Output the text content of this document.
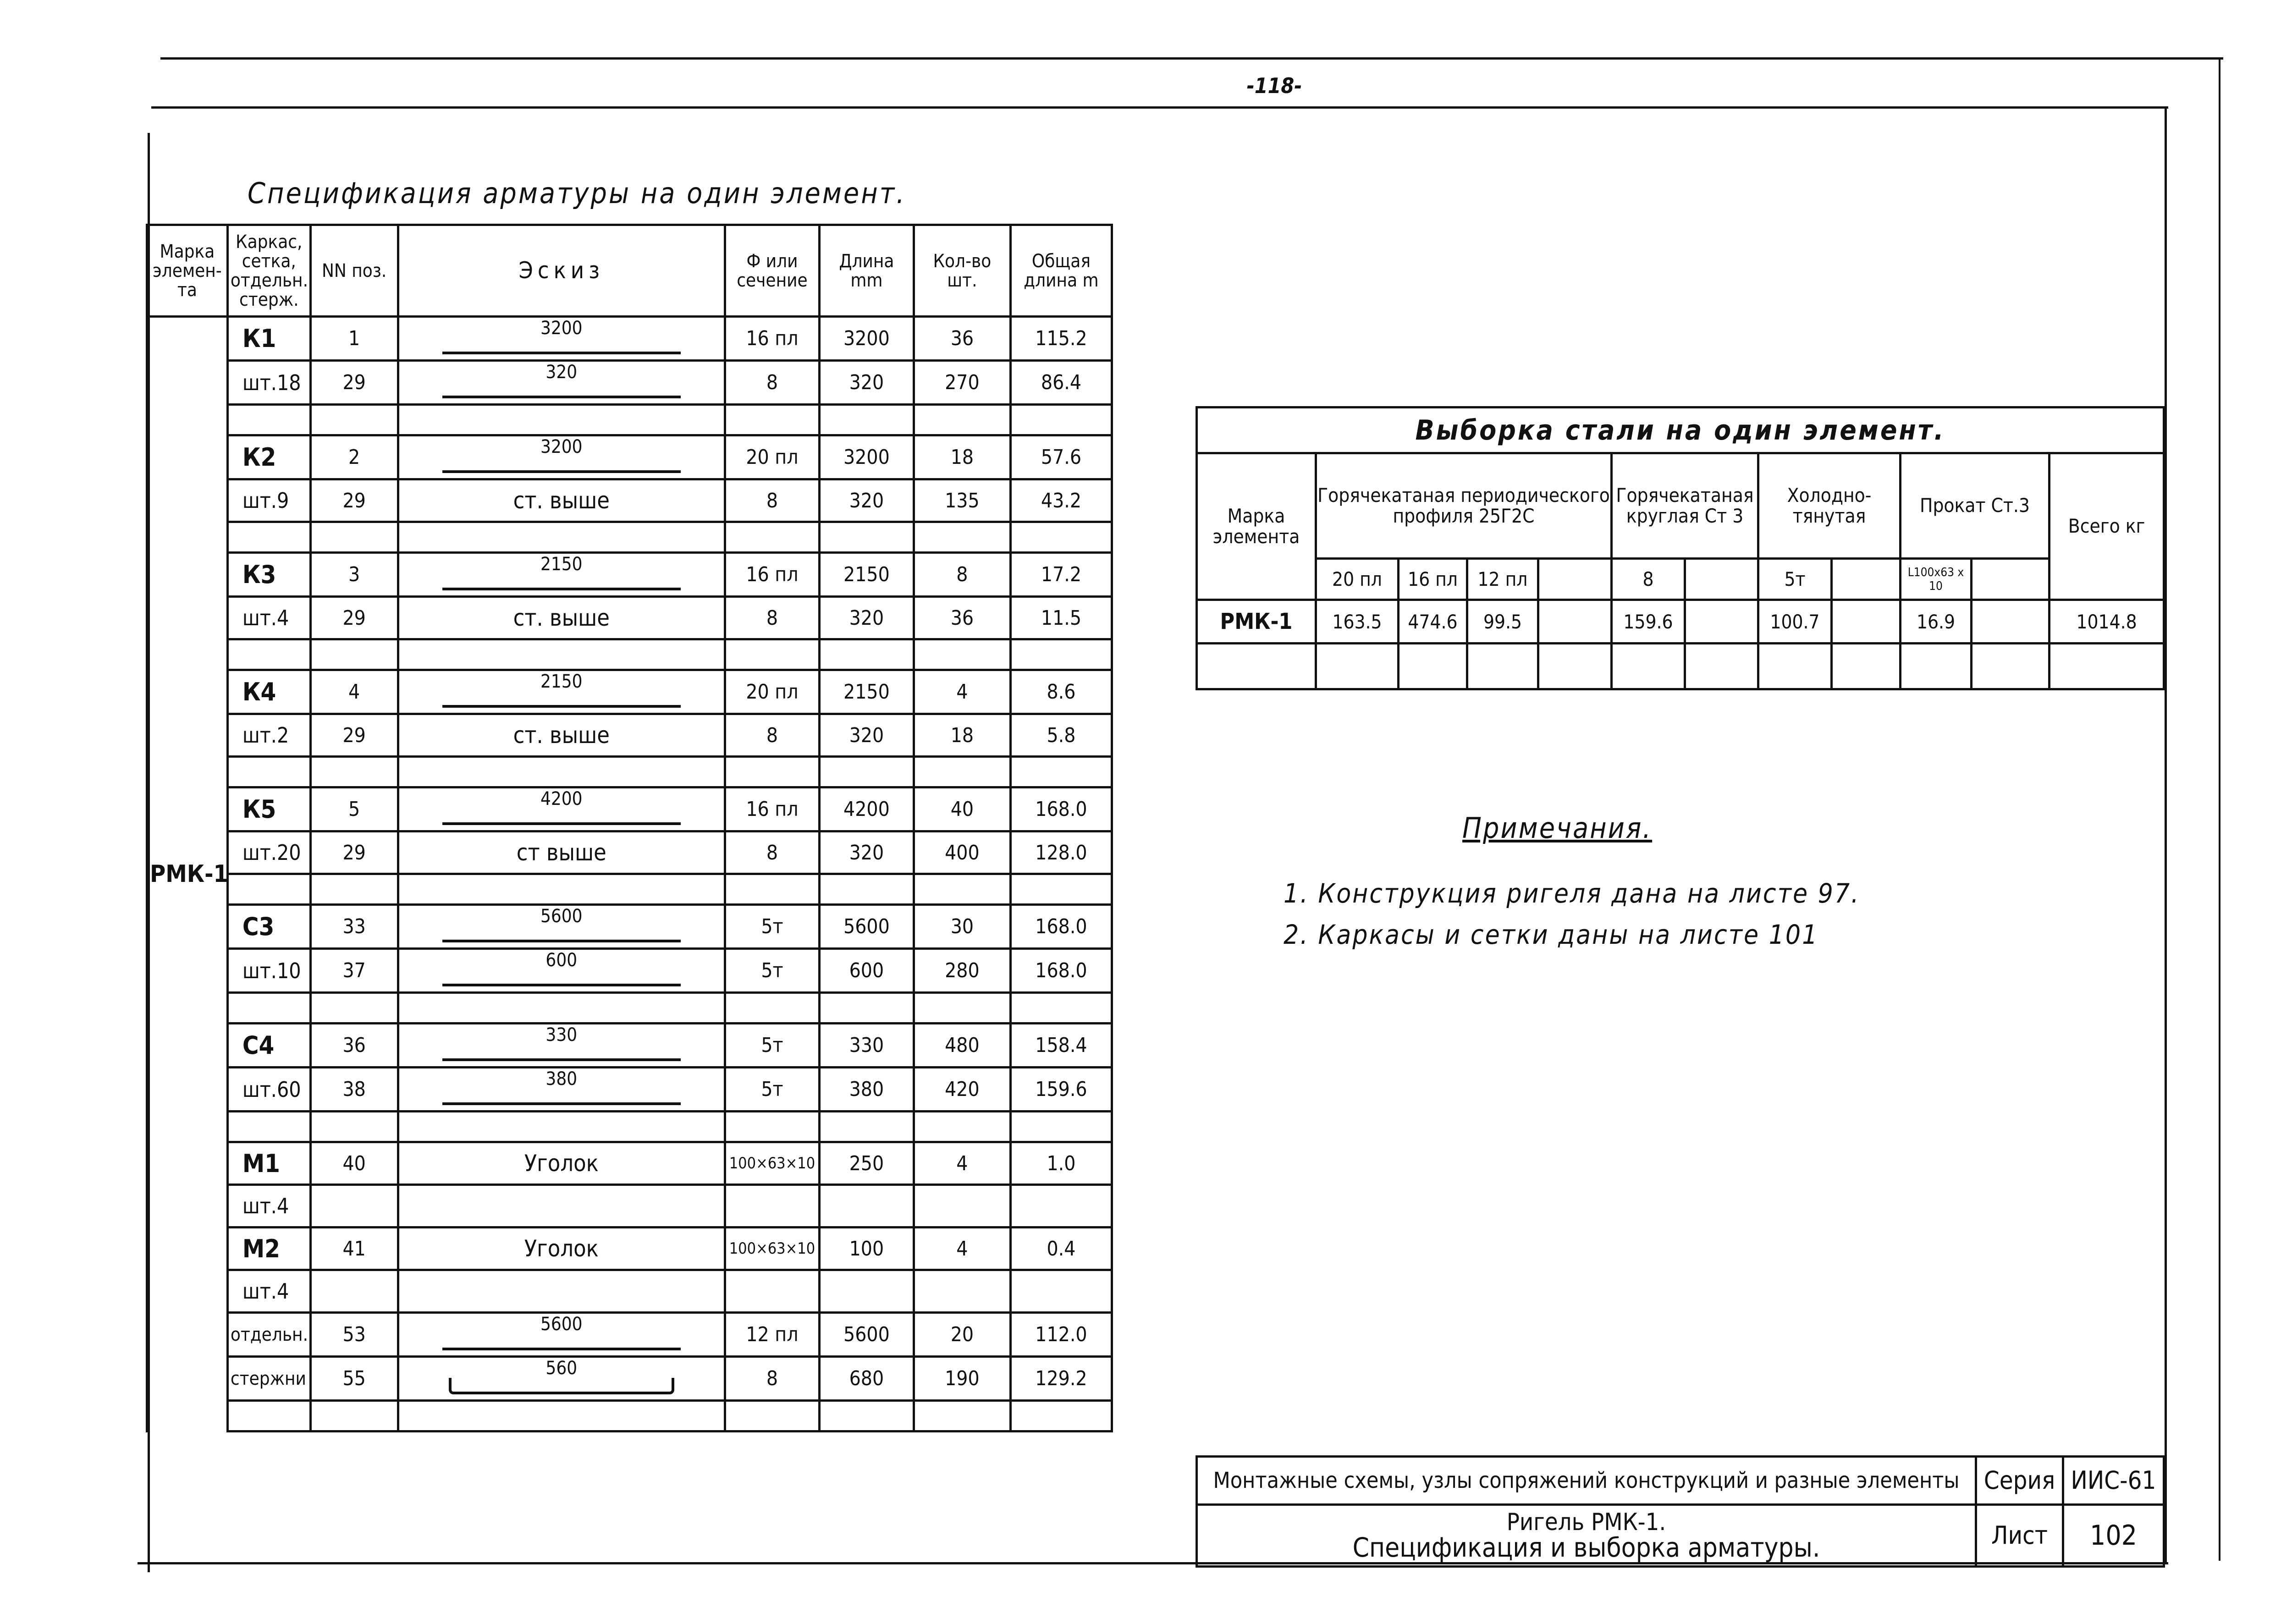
-118-
Спецификация арматуры на один элемент.
Марка элемен-та	Каркас, сетка, отдельн. стерж.	NN поз.	Эскиз	Ф или сечение	Длина mm	Кол-во шт.	Общая длина m
РМК-1	К1	1	3200	16 пл	3200	36	115.2
	шт.18	29	320	8	320	270	86.4

	К2	2	3200	20 пл	3200	18	57.6
	шт.9	29	ст. выше	8	320	135	43.2

	К3	3	2150	16 пл	2150	8	17.2
	шт.4	29	ст. выше	8	320	36	11.5

	К4	4	2150	20 пл	2150	4	8.6
	шт.2	29	ст. выше	8	320	18	5.8

	К5	5	4200	16 пл	4200	40	168.0
	шт.20	29	ст выше	8	320	400	128.0

	С3	33	5600	5т	5600	30	168.0
	шт.10	37	600	5т	600	280	168.0

	С4	36	330	5т	330	480	158.4
	шт.60	38	380	5т	380	420	159.6

	М1	40	Уголок	100×63×10	250	4	1.0
	шт.4						
	М2	41	Уголок	100×63×10	100	4	0.4
	шт.4						
	отдельн.	53	5600	12 пл	5600	20	112.0
	стержни	55	560	8	680	190	129.2

Выборка стали на один элемент.											
Марка элемента	Горячекатаная периодического профиля 25Г2С				Горячекатаная круглая Ст 3		Холодно-тянутая		Прокат Ст.3		Всего кг
	20 пл	16 пл	12 пл		8		5т		L100x63 x 10		
РМК-1	163.5	474.6	99.5		159.6		100.7		16.9		1014.8

Примечания.
1. Конструкция ригеля дана на листе 97.
2. Каркасы и сетки даны на листе 101
Монтажные схемы, узлы сопряжений конструкций и разные элементы	Серия	ИИС-61

Ригель РМК-1.
Спецификация и выборка арматуры.	Лист	102
